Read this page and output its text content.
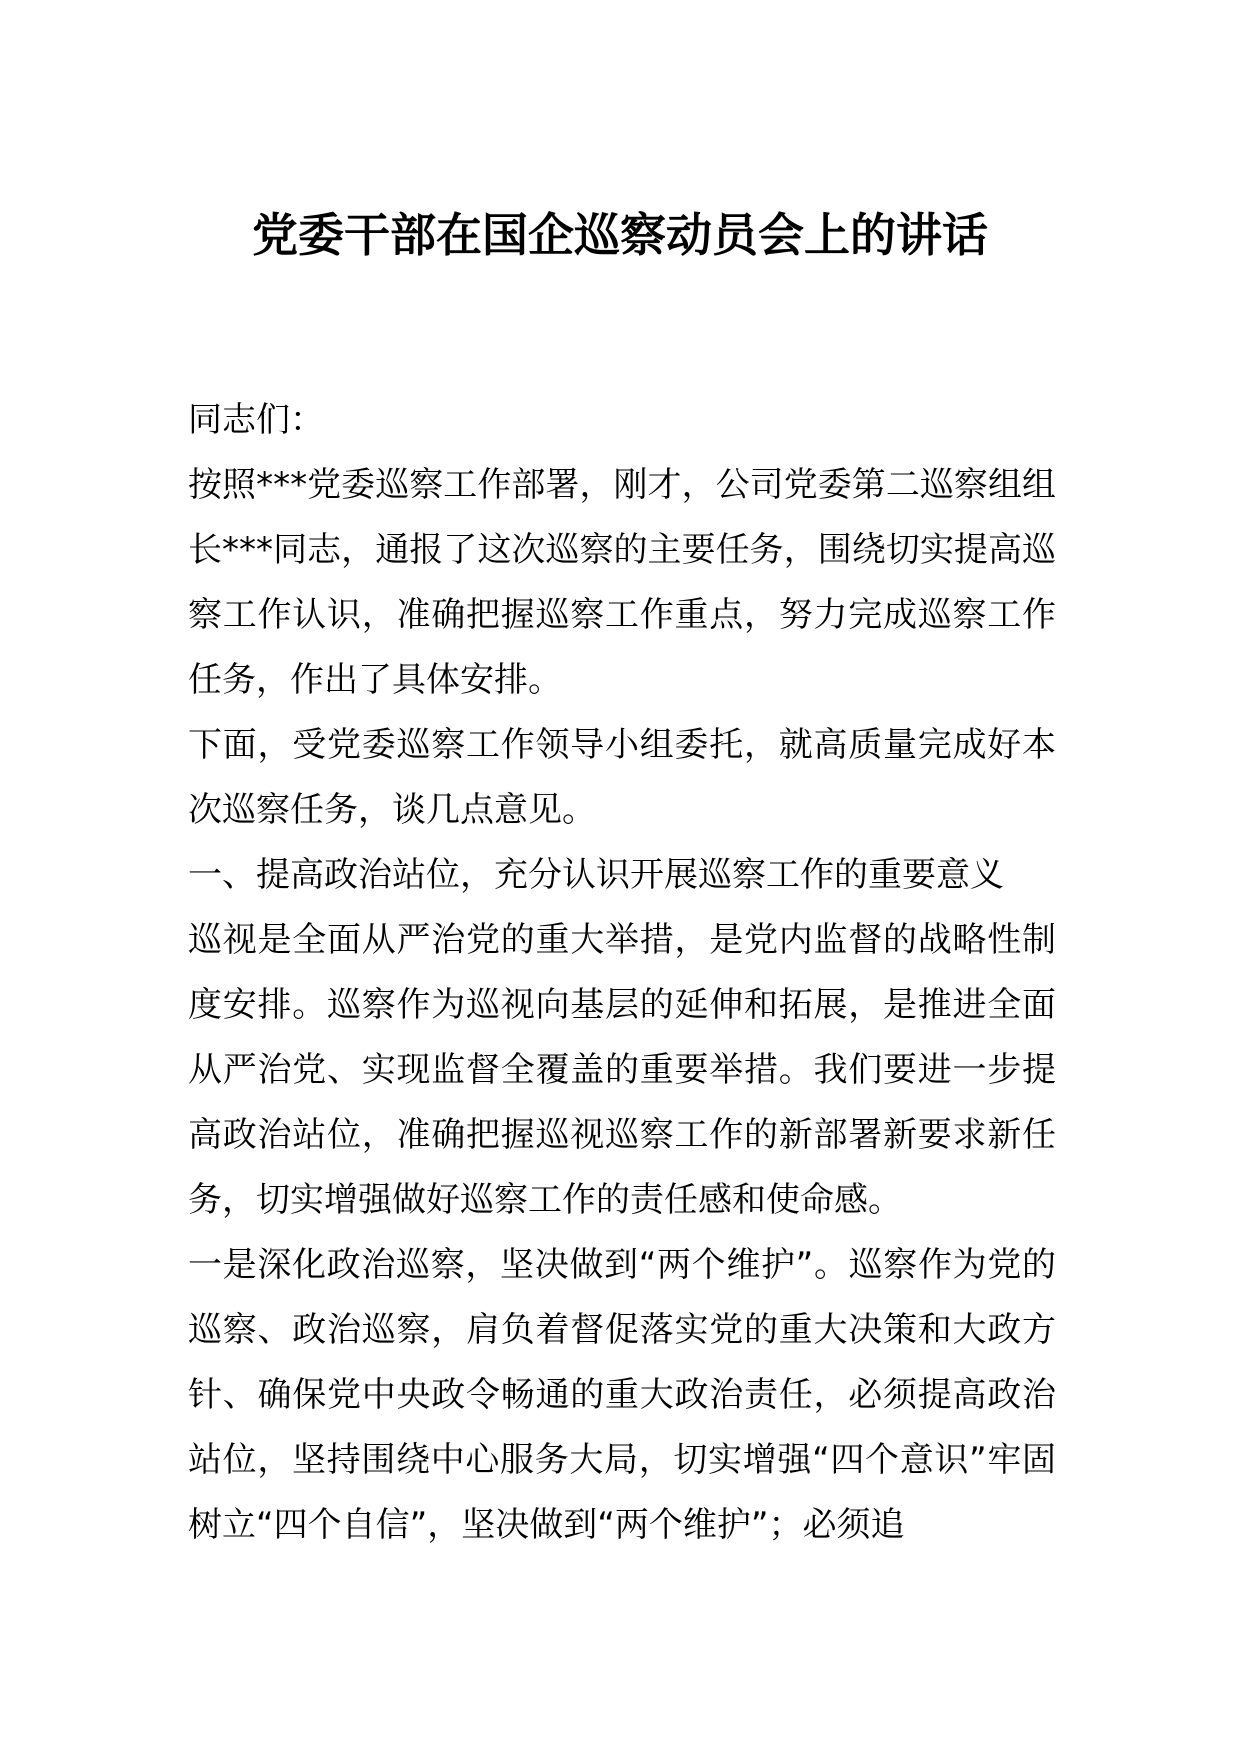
党委干部在国企巡察动员会上的讲话

同志们：

按照***党委巡察工作部署，刚才，公司党委第二巡察组组长***同志，通报了这次巡察的主要任务，围绕切实提高巡察工作认识，准确把握巡察工作重点，努力完成巡察工作任务，作出了具体安排。

下面，受党委巡察工作领导小组委托，就高质量完成好本次巡察任务，谈几点意见。

一、提高政治站位，充分认识开展巡察工作的重要意义

巡视是全面从严治党的重大举措，是党内监督的战略性制度安排。巡察作为巡视向基层的延伸和拓展，是推进全面从严治党、实现监督全覆盖的重要举措。我们要进一步提高政治站位，准确把握巡视巡察工作的新部署新要求新任务，切实增强做好巡察工作的责任感和使命感。

一是深化政治巡察，坚决做到“两个维护”。巡察作为党的巡察、政治巡察，肩负着督促落实党的重大决策和大政方针、确保党中央政令畅通的重大政治责任，必须提高政治站位，坚持围绕中心服务大局，切实增强“四个意识”牢固树立“四个自信”，坚决做到“两个维护”；必须追
